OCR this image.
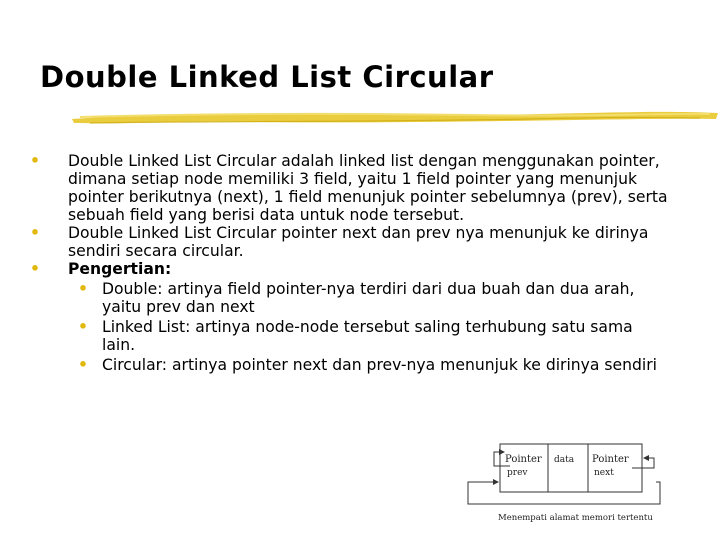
Double Linked List Circular
• Double Linked List Circular adalah linked list dengan menggunakan pointer, dimana setiap node memiliki 3 field, yaitu 1 field pointer yang menunjuk pointer berikutnya (next), 1 field menunjuk pointer sebelumnya (prev), serta sebuah field yang berisi data untuk node tersebut.
• Double Linked List Circular pointer next dan prev nya menunjuk ke dirinya sendiri secara circular.
• Pengertian:
• Double: artinya field pointer-nya terdiri dari dua buah dan dua arah, yaitu prev dan next
• Linked List: artinya node-node tersebut saling terhubung satu sama lain.
• Circular: artinya pointer next dan prev-nya menunjuk ke dirinya sendiri
Pointer
prev
data Pointer
next
Menempati alamat memori tertentu
